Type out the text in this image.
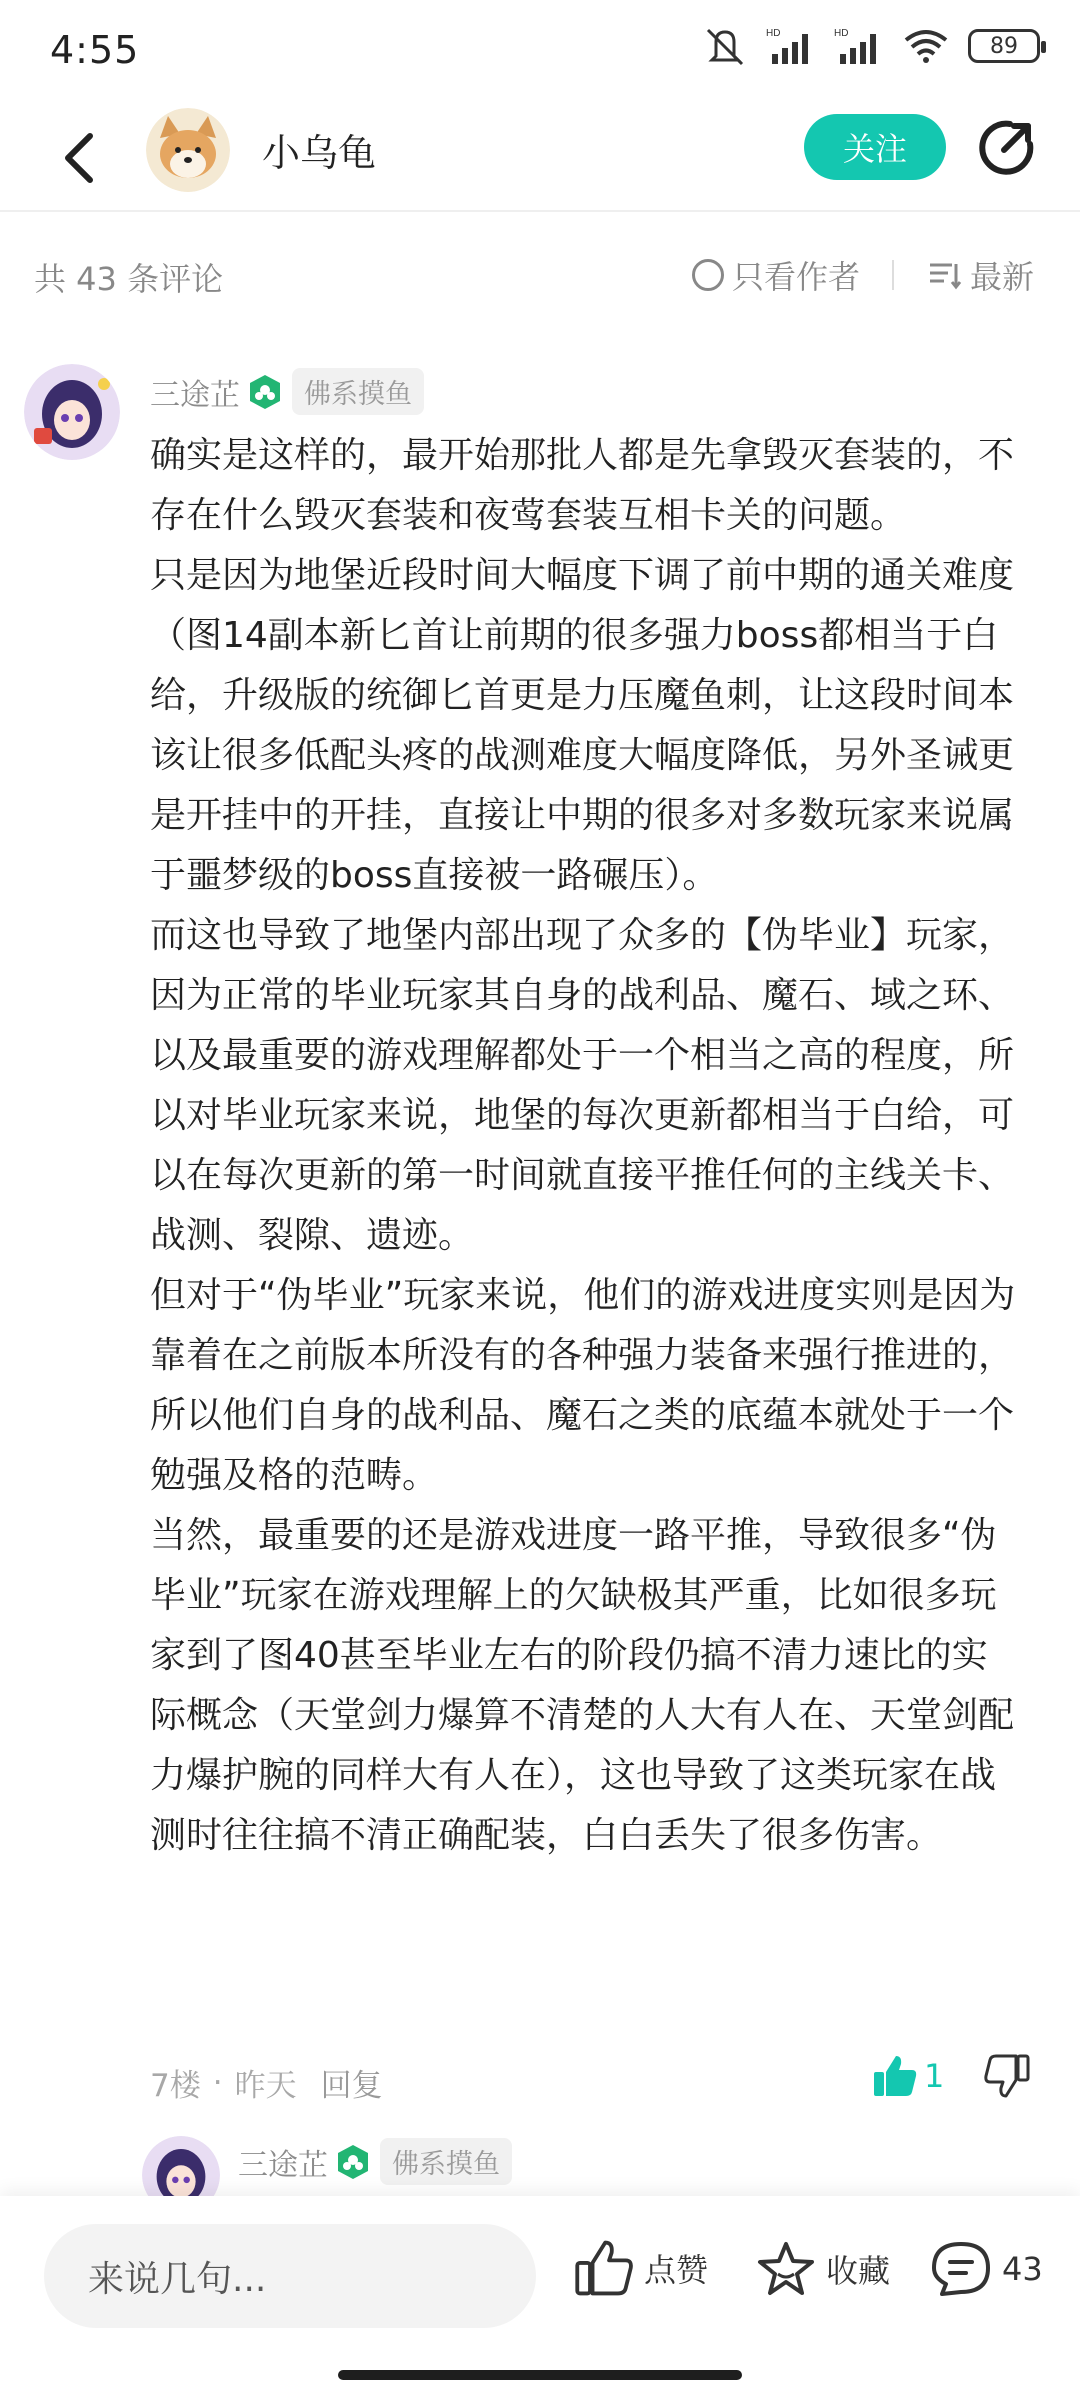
4:55	HD	HD	89
小乌龟	关注
共 43 条评论	只看作者	最新
三途芷	佛系摸鱼

确实是这样的，最开始那批人都是先拿毁灭套装的，不存在什么毁灭套装和夜莺套装互相卡关的问题。

只是因为地堡近段时间大幅度下调了前中期的通关难度（图14副本新匕首让前期的很多强力boss都相当于白给，升级版的统御匕首更是力压魔鱼刺，让这段时间本该让很多低配头疼的战测难度大幅度降低，另外圣诫更是开挂中的开挂，直接让中期的很多对多数玩家来说属于噩梦级的boss直接被一路碾压）。

而这也导致了地堡内部出现了众多的【伪毕业】玩家，因为正常的毕业玩家其自身的战利品、魔石、域之环、以及最重要的游戏理解都处于一个相当之高的程度，所以对毕业玩家来说，地堡的每次更新都相当于白给，可以在每次更新的第一时间就直接平推任何的主线关卡、战测、裂隙、遗迹。

但对于“伪毕业”玩家来说，他们的游戏进度实则是因为靠着在之前版本所没有的各种强力装备来强行推进的，所以他们自身的战利品、魔石之类的底蕴本就处于一个勉强及格的范畴。

当然，最重要的还是游戏进度一路平推，导致很多“伪毕业”玩家在游戏理解上的欠缺极其严重，比如很多玩家到了图40甚至毕业左右的阶段仍搞不清力速比的实际概念（天堂剑力爆算不清楚的人大有人在、天堂剑配力爆护腕的同样大有人在），这也导致了这类玩家在战测时往往搞不清正确配装，白白丢失了很多伤害。

7楼 · 昨天 回复	1
三途芷	佛系摸鱼
来说几句...	点赞	收藏	43
